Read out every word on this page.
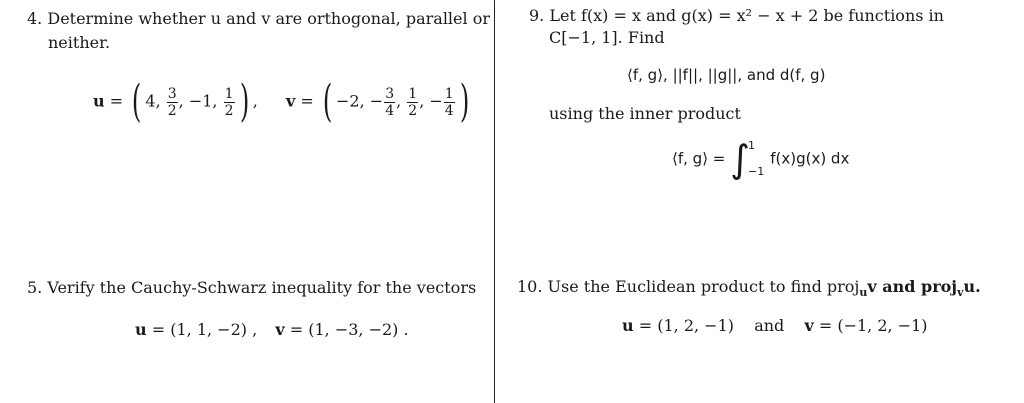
4. Determine whether u and v are orthogonal, parallel or
neither.
u = ( 4, $\frac{3}{2}$ , −1, $\frac{1}{2}$ ) ,  v = ( −2, − $\frac{3}{4}$ , $\frac{1}{2}$ , − $\frac{1}{4}$ )
5. Verify the Cauchy-Schwarz inequality for the vectors
u = (1, 1, −2) , v = (1, −3, −2) .
9. Let f(x) = x and g(x) = x² − x + 2 be functions in
C[−1, 1]. Find
⟨f, g⟩, ||f||, ||g||, and d(f, g)
using the inner product
⟨f, g⟩ = ∫
1
−1
f(x)g(x) dx
10. Use the Euclidean product to find proj$_u$v and proj$_v$u.
u = (1, 2, −1) and v = (−1, 2, −1)
